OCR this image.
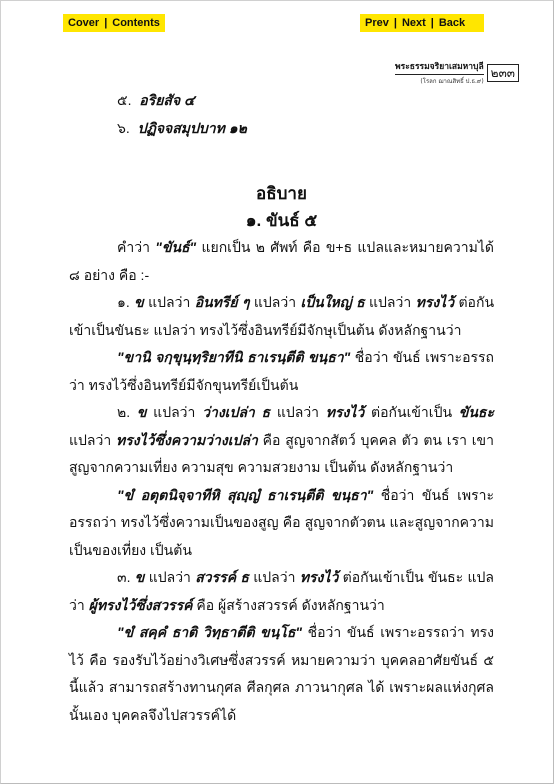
Cover | Contents	Prev | Next | Back
พระธรรมจริยาเสมหาบุลี
(โรลก ฌาณสิทธิ์ ป.ธ.๙)
๒๓๓

๕. อริยสัจ ๔

๖. ปฏิจจสมุปบาท ๑๒

อธิบาย
๑. ขันธ์ ๕

คำว่า "ขันธ์" แยกเป็น ๒ ศัพท์ คือ ข+ธ แปลและหมายความได้ ๘ อย่าง คือ :-

๑. ข แปลว่า อินทรีย์ ๆ แปลว่า เป็นใหญ่ ธ แปลว่า ทรงไว้ ต่อกันเข้าเป็นขันธะ แปลว่า ทรงไว้ซึ่งอินทรีย์มีจักษุเป็นต้น ดังหลักฐานว่า

"ขานิ จกฺขุนฺทฺริยาทีนิ ธาเรนฺตีติ ขนฺธา" ชื่อว่า ขันธ์ เพราะอรรถว่า ทรงไว้ซึ่งอินทรีย์มีจักขุนทรีย์เป็นต้น

๒. ข แปลว่า ว่างเปล่า ธ แปลว่า ทรงไว้ ต่อกันเข้าเป็น ขันธะ แปลว่า ทรงไว้ซึ่งความว่างเปล่า คือ สูญจากสัตว์ บุคคล ตัว ตน เรา เขา สูญจากความเที่ยง ความสุข ความสวยงาม เป็นต้น ดังหลักฐานว่า

"ขํ อตุตนิจฺจาทีหิ สุญฺญํ ธาเรนฺตีติ ขนฺธา" ชื่อว่า ขันธ์ เพราะอรรถว่า ทรงไว้ซึ่งความเป็นของสูญ คือ สูญจากตัวตน และสูญจากความเป็นของเที่ยง เป็นต้น

๓. ข แปลว่า สวรรค์ ธ แปลว่า ทรงไว้ ต่อกันเข้าเป็น ขันธะ แปลว่า ผู้ทรงไว้ซึ่งสวรรค์ คือ ผู้สร้างสวรรค์ ดังหลักฐานว่า

"ขํ สคฺคํ ธาติ วิทฺธาตีติ ขนฺโธ" ชื่อว่า ขันธ์ เพราะอรรถว่า ทรงไว้ คือ รองรับไว้อย่างวิเศษซึ่งสวรรค์ หมายความว่า บุคคลอาศัยขันธ์ ๕ นี้แล้ว สามารถสร้างทานกุศล ศีลกุศล ภาวนากุศล ได้ เพราะผลแห่งกุศลนั้นเอง บุคคลจึงไปสวรรค์ได้
